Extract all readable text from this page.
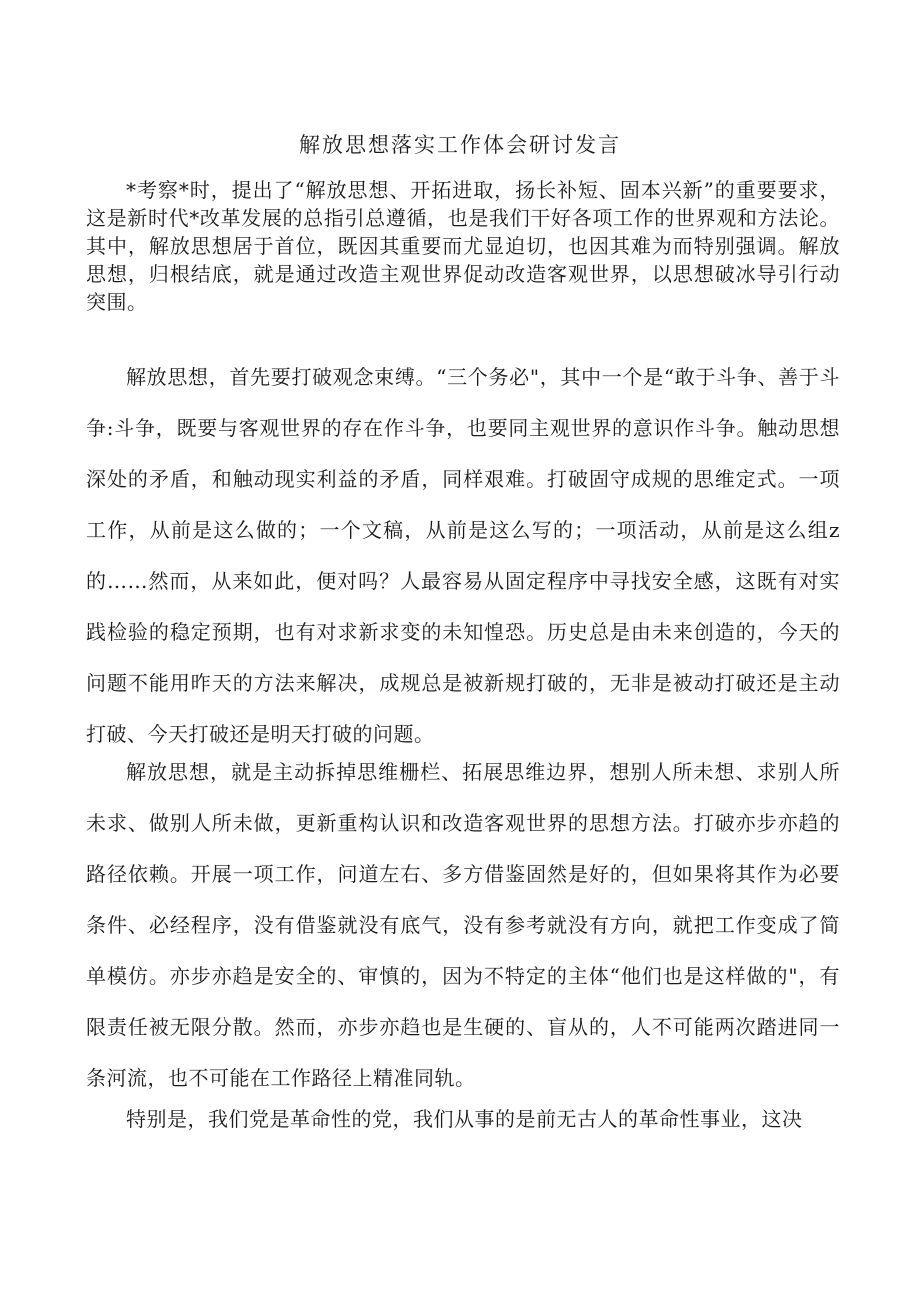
解放思想落实工作体会研讨发言

*考察*时，提出了“解放思想、开拓进取，扬长补短、固本兴新”的重要要求，这是新时代*改革发展的总指引总遵循，也是我们干好各项工作的世界观和方法论。其中，解放思想居于首位，既因其重要而尤显迫切，也因其难为而特别强调。解放思想，归根结底，就是通过改造主观世界促动改造客观世界，以思想破冰导引行动突围。

解放思想，首先要打破观念束缚。“三个务必"，其中一个是“敢于斗争、善于斗争:斗争，既要与客观世界的存在作斗争，也要同主观世界的意识作斗争。触动思想深处的矛盾，和触动现实利益的矛盾，同样艰难。打破固守成规的思维定式。一项工作，从前是这么做的；一个文稿，从前是这么写的；一项活动，从前是这么组z的……然而，从来如此，便对吗？人最容易从固定程序中寻找安全感，这既有对实践检验的稳定预期，也有对求新求变的未知惶恐。历史总是由未来创造的，今天的问题不能用昨天的方法来解决，成规总是被新规打破的，无非是被动打破还是主动打破、今天打破还是明天打破的问题。

解放思想，就是主动拆掉思维栅栏、拓展思维边界，想别人所未想、求别人所未求、做别人所未做，更新重构认识和改造客观世界的思想方法。打破亦步亦趋的路径依赖。开展一项工作，问道左右、多方借鉴固然是好的，但如果将其作为必要条件、必经程序，没有借鉴就没有底气，没有参考就没有方向，就把工作变成了简单模仿。亦步亦趋是安全的、审慎的，因为不特定的主体“他们也是这样做的"，有限责任被无限分散。然而，亦步亦趋也是生硬的、盲从的，人不可能两次踏进同一条河流，也不可能在工作路径上精准同轨。

特别是，我们党是革命性的党，我们从事的是前无古人的革命性事业，这决
